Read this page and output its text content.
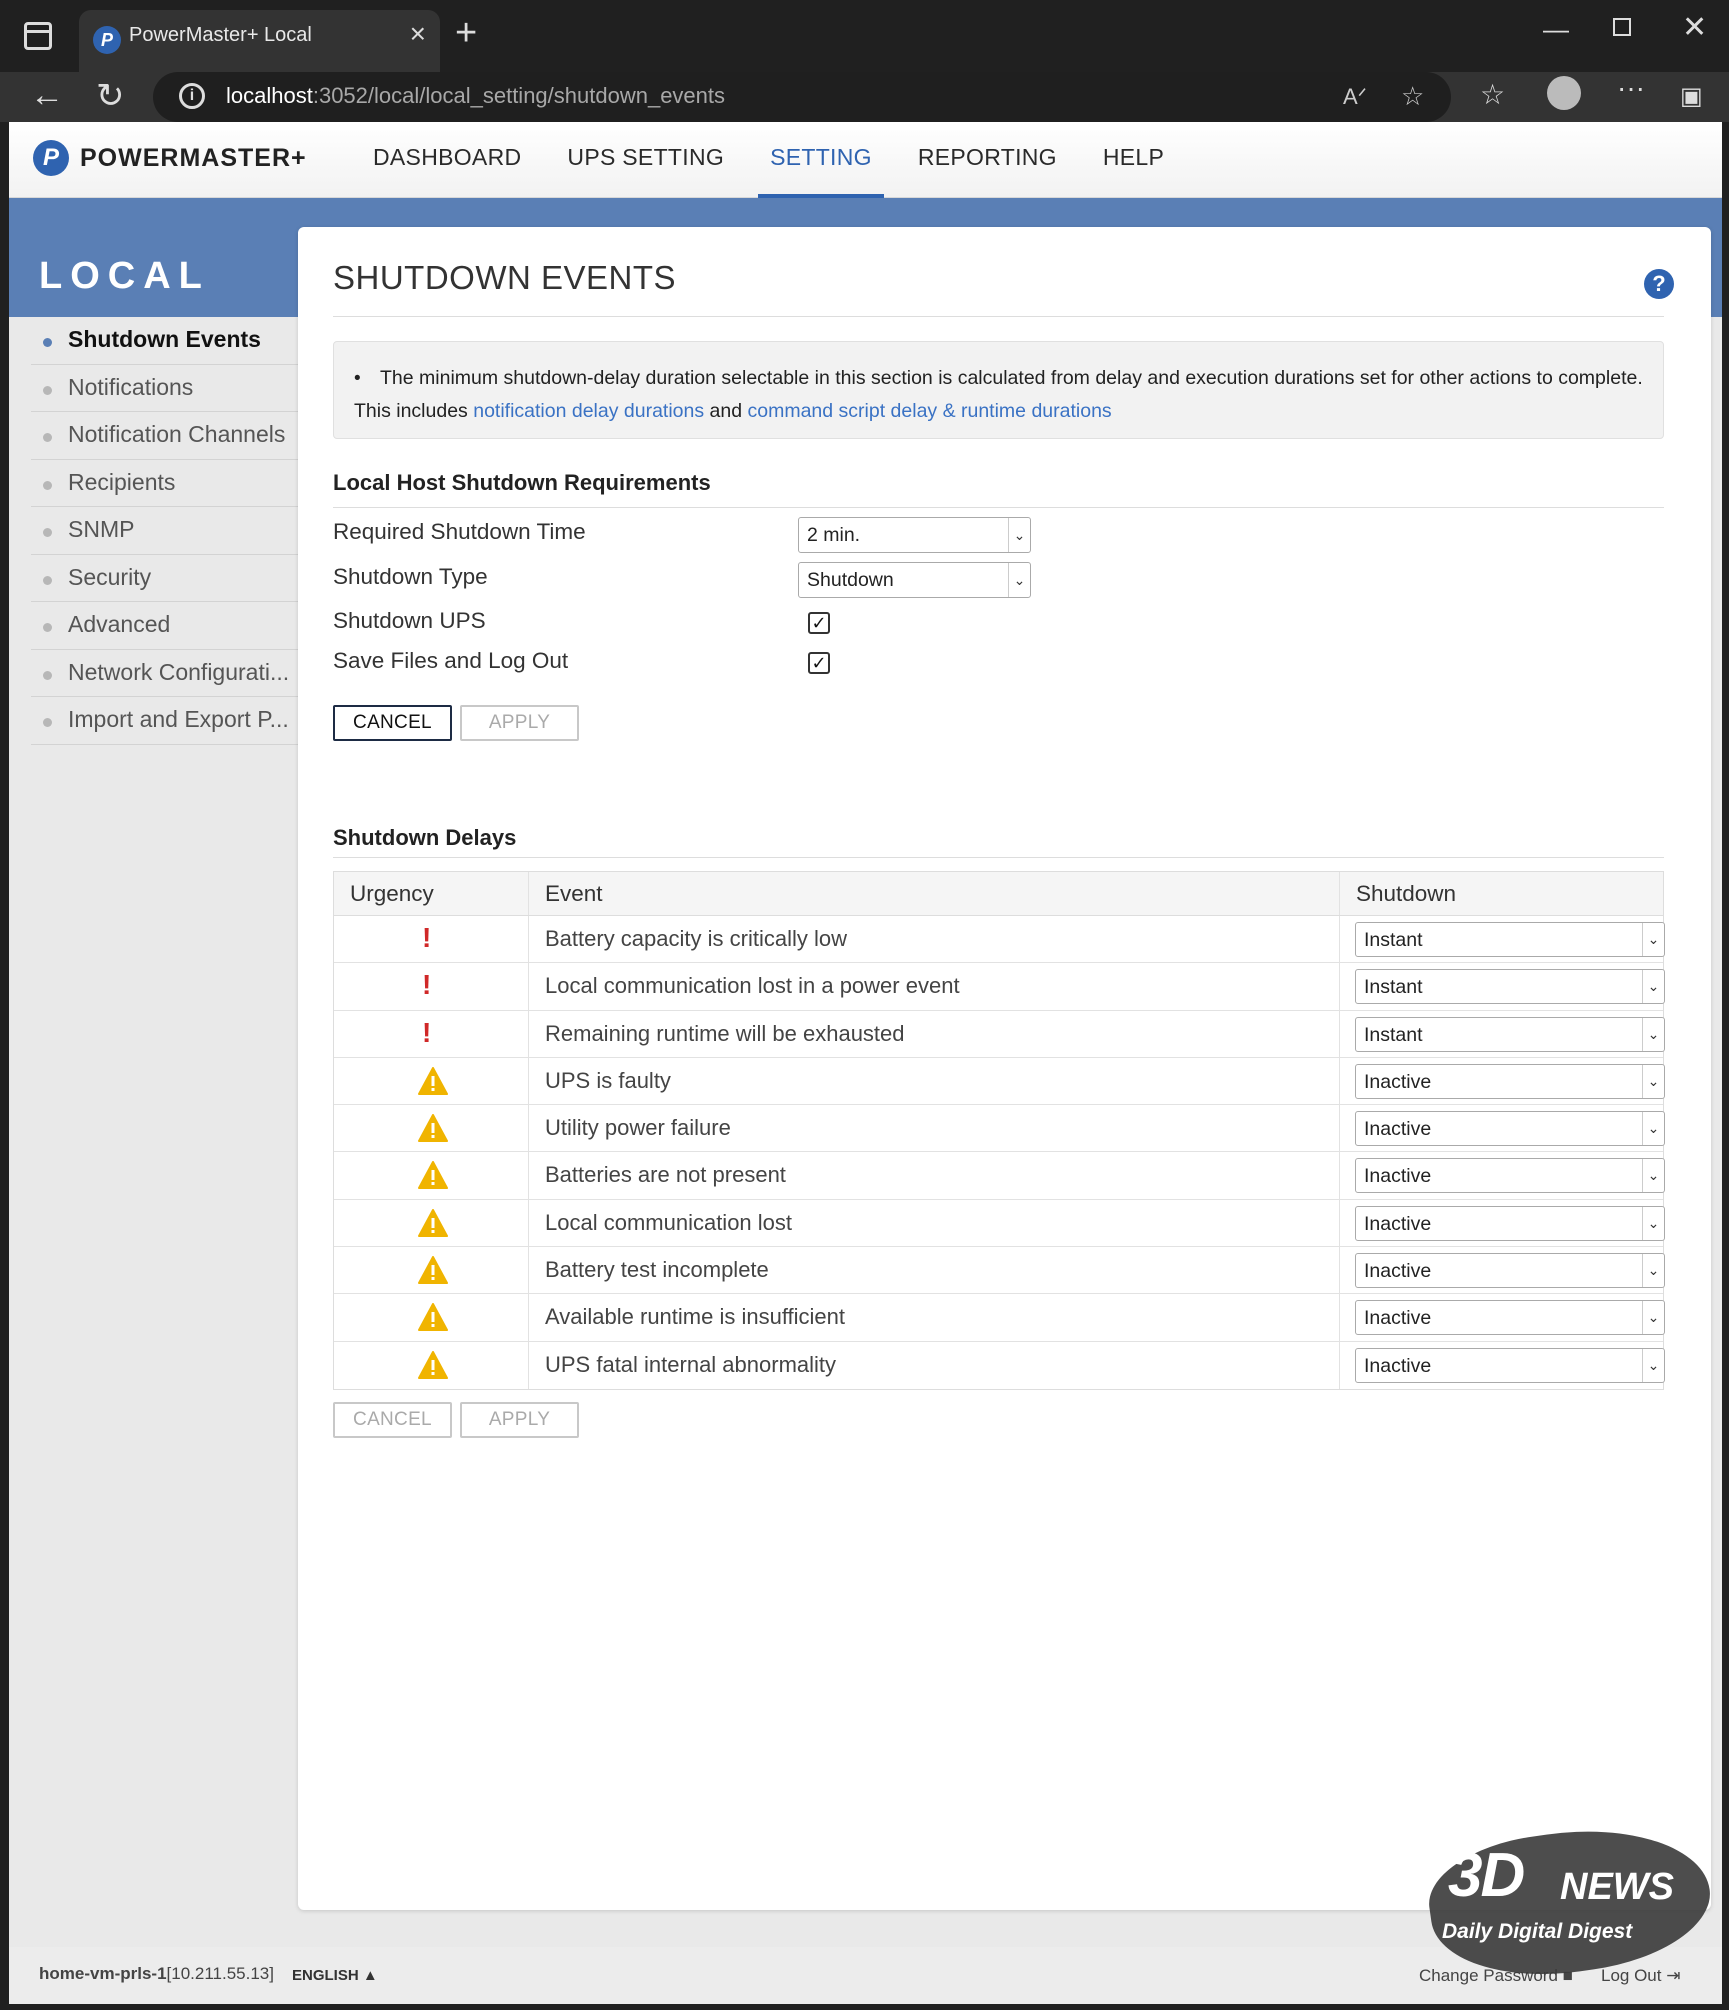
P PowerMaster+ Local	× +	—	✕
← ↻	i	localhost:3052/local/local_setting/shutdown_events	Aᐟ ☆ ☆	··· ▣
P POWERMASTER+	DASHBOARD	UPS SETTING	SETTING	REPORTING	HELP
LOCAL
Shutdown Events
Notifications
Notification Channels
Recipients
SNMP
Security
Advanced
Network Configurati...
Import and Export P...
SHUTDOWN EVENTS	?
• The minimum shutdown-delay duration selectable in this section is calculated from delay and execution durations set for other actions to complete. This includes notification delay durations and command script delay & runtime durations
Local Host Shutdown Requirements
Required Shutdown Time	2 min.	⌄
Shutdown Type	Shutdown	⌄
Shutdown UPS	✓
Save Files and Log Out	✓
CANCEL	APPLY
Shutdown Delays
Urgency	Event	Shutdown
!	Battery capacity is critically low	Instant	⌄
!	Local communication lost in a power event	Instant	⌄
!	Remaining runtime will be exhausted	Instant	⌄
UPS is faulty	Inactive	⌄
Utility power failure	Inactive	⌄
Batteries are not present	Inactive	⌄
Local communication lost	Inactive	⌄
Battery test incomplete	Inactive	⌄
Available runtime is insufficient	Inactive	⌄
UPS fatal internal abnormality	Inactive	⌄
CANCEL	APPLY
home-vm-prls-1[10.211.55.13] ENGLISH ▲	Change Password ■ Log Out ⇥
3D NEWS
Daily Digital Digest
